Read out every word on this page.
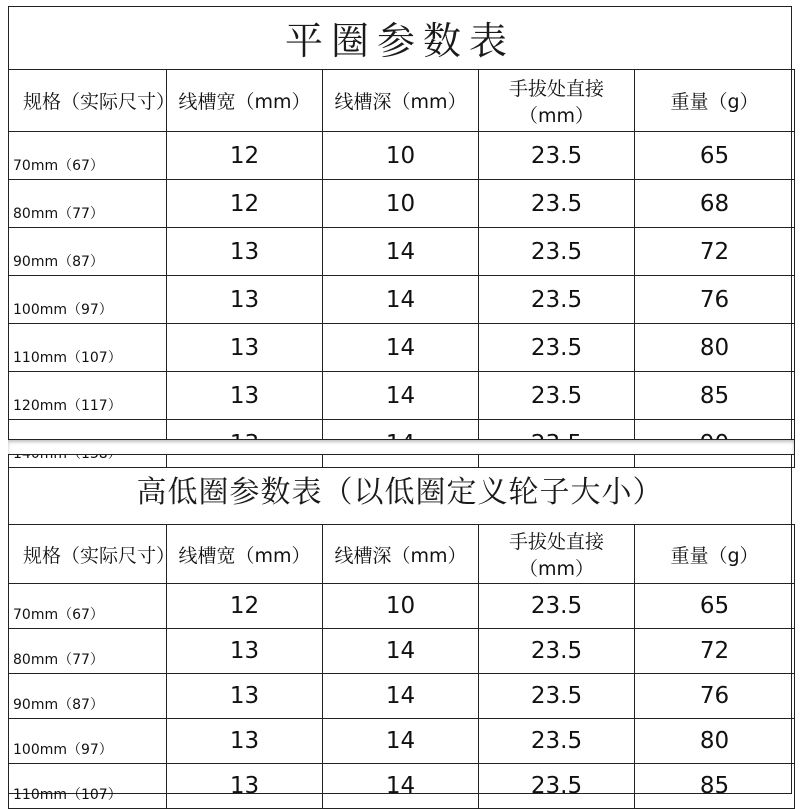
平圈参数表
规格（实际尺寸）	线槽宽（mm）	线槽深（mm）	手拔处直接（mm）	重量（g）
70mm（67）	12	10	23.5	65
80mm（77）	12	10	23.5	68
90mm（87）	13	14	23.5	72
100mm（97）	13	14	23.5	76
110mm（107）	13	14	23.5	80
120mm（117）	13	14	23.5	85

高低圈参数表（以低圈定义轮子大小）
规格（实际尺寸）	线槽宽（mm）	线槽深（mm）	手拔处直接（mm）	重量（g）
70mm（67）	12	10	23.5	65
80mm（77）	13	14	23.5	72
90mm（87）	13	14	23.5	76
100mm（97）	13	14	23.5	80
110mm（107）	13	14	23.5	85
